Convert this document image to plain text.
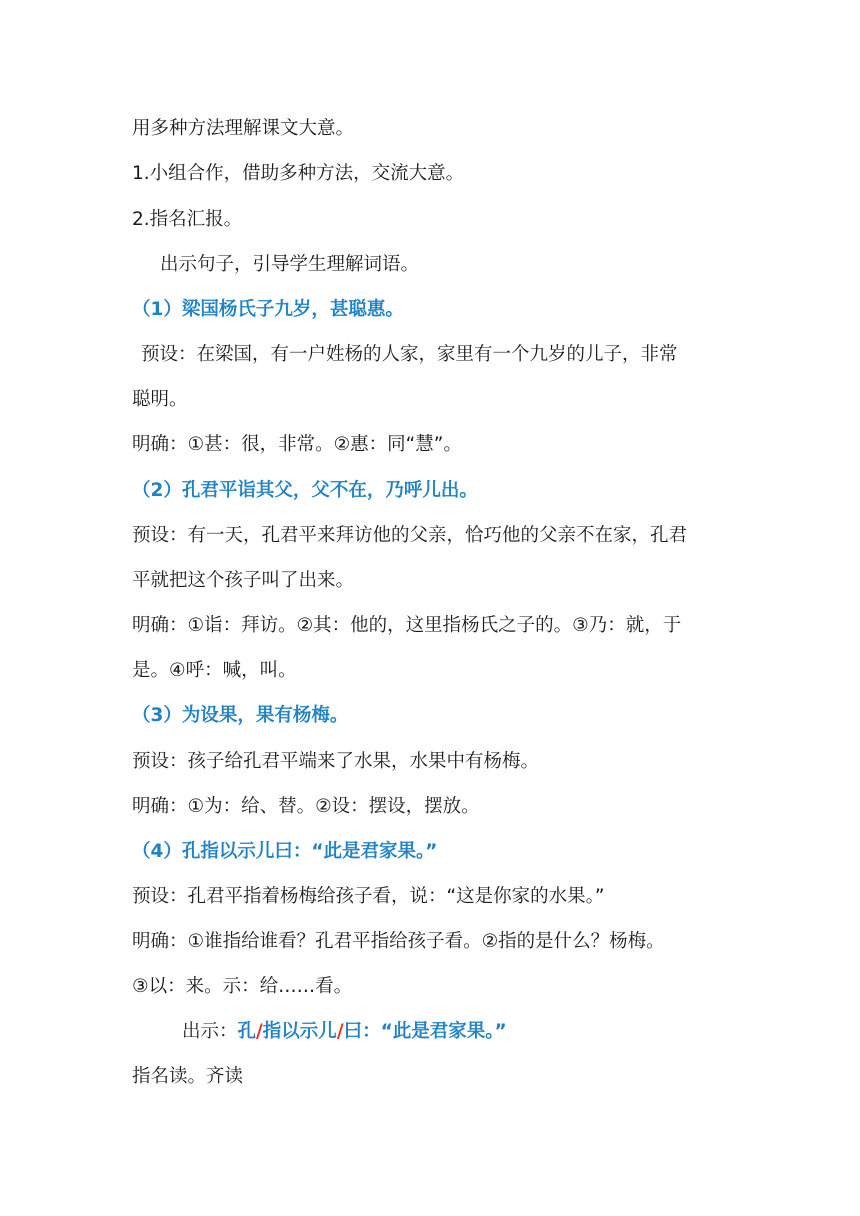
用多种方法理解课文大意。
1.小组合作，借助多种方法，交流大意。
2.指名汇报。
出示句子，引导学生理解词语。
（1）梁国杨氏子九岁，甚聪惠。
预设：在梁国，有一户姓杨的人家，家里有一个九岁的儿子，非常
聪明。
明确：①甚：很，非常。②惠：同“慧”。
（2）孔君平诣其父，父不在，乃呼儿出。
预设：有一天，孔君平来拜访他的父亲，恰巧他的父亲不在家，孔君
平就把这个孩子叫了出来。
明确：①诣：拜访。②其：他的，这里指杨氏之子的。③乃：就，于
是。④呼：喊，叫。
（3）为设果，果有杨梅。
预设：孩子给孔君平端来了水果，水果中有杨梅。
明确：①为：给、替。②设：摆设，摆放。
（4）孔指以示儿曰：“此是君家果。”
预设：孔君平指着杨梅给孩子看，说：“这是你家的水果。”
明确：①谁指给谁看？孔君平指给孩子看。②指的是什么？杨梅。
③以：来。示：给……看。
出示：孔/指以示儿/曰：“此是君家果。”
指名读。齐读
